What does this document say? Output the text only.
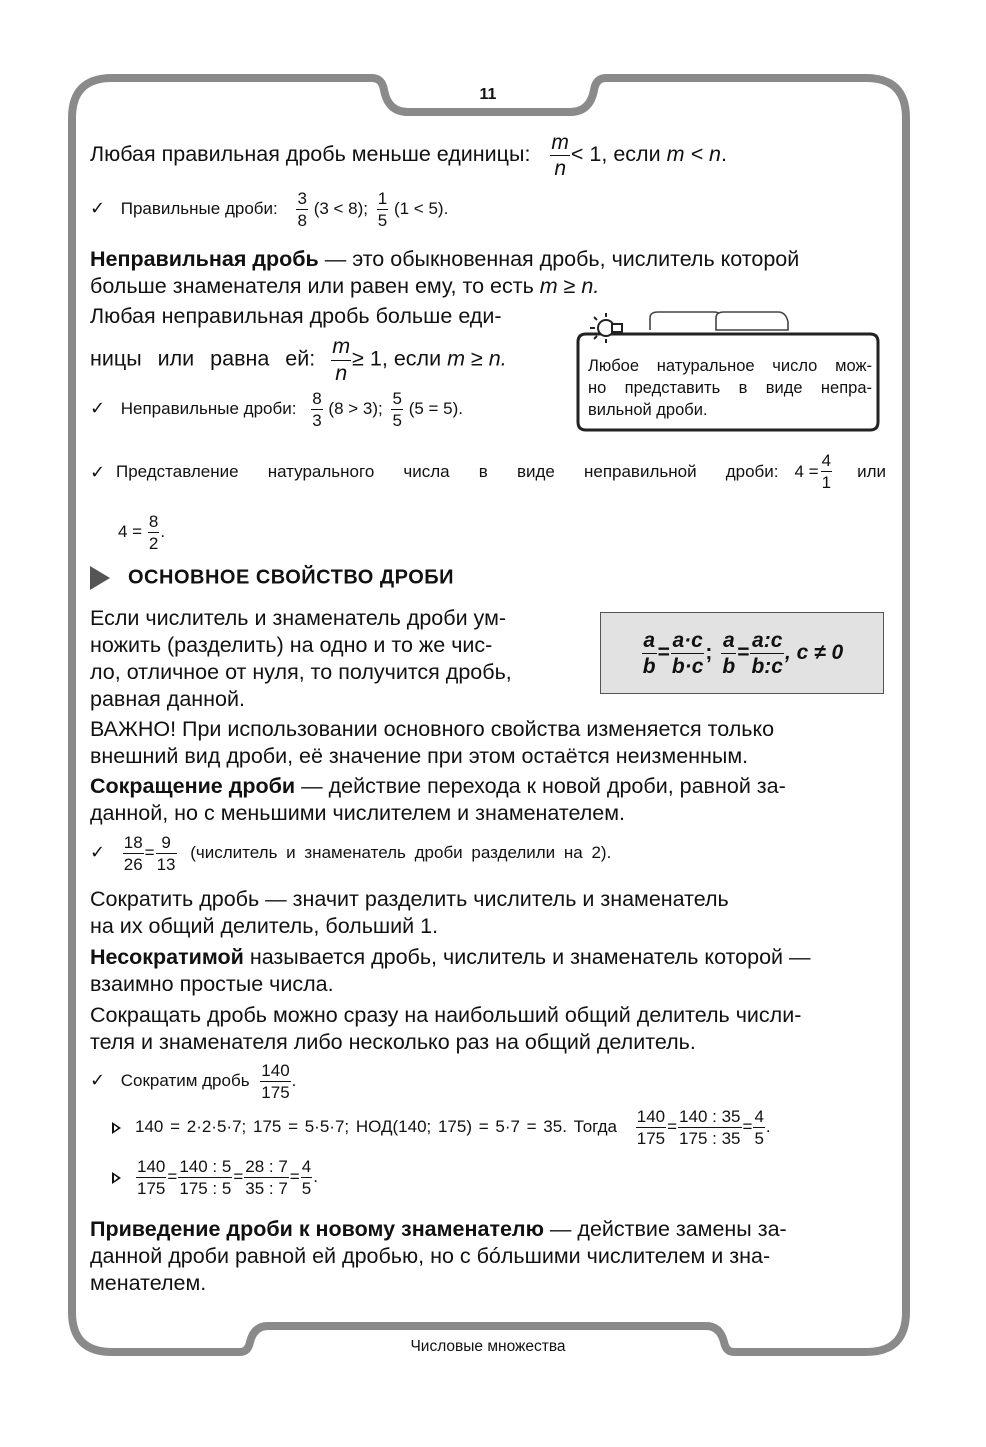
11
Любая правильная дробь меньше единицы: $\frac{m}{n} < 1$, если m < n.
✓ Правильные дроби: $\frac{3}{8} (3 < 8)$; $\frac{1}{5} (1 < 5)$.
Неправильная дробь — это обыкновенная дробь, числитель которой
больше знаменателя или равен ему, то есть m ≥ n.
Любая неправильная дробь больше еди-
ницы или равна ей: $\frac{m}{n} \ge 1$, если m ≥ n.
✓ Неправильные дроби: $\frac{8}{3} (8 > 3)$; $\frac{5}{5} (5 = 5)$.
Любое натуральное число мож-
но представить в виде непра-
вильной дроби.
✓ Представление натурального числа в виде неправильной дроби: $4 = \frac{4}{1}$ или
$4 = \frac{8}{2}$ .
ОСНОВНОЕ СВОЙСТВО ДРОБИ
Если числитель и знаменатель дроби ум-
ножить (разделить) на одно и то же чис-
ло, отличное от нуля, то получится дробь,
равная данной.
$\frac{a}{b} = \frac{a\cdot c}{b\cdot c}$ ; $\frac{a}{b} = \frac{a:c}{b:c}$ , c ≠ 0
ВАЖНО! При использовании основного свойства изменяется только
внешний вид дроби, её значение при этом остаётся неизменным.
Сокращение дроби — действие перехода к новой дроби, равной за-
данной, но с меньшими числителем и знаменателем.
✓ $\frac{18}{26} = \frac{9}{13}$ (числитель и знаменатель дроби разделили на 2).
Сократить дробь — значит разделить числитель и знаменатель
на их общий делитель, больший 1.
Несократимой называется дробь, числитель и знаменатель которой —
взаимно простые числа.
Сокращать дробь можно сразу на наибольший общий делитель числи-
теля и знаменателя либо несколько раз на общий делитель.
✓ Сократим дробь $\frac{140}{175}$ .
140 = 2·2·5·7; 175 = 5·5·7; НОД(140; 175) = 5·7 = 35. Тогда $\frac{140}{175} = \frac{140 : 35}{175 : 35} = \frac{4}{5}$ .
$\frac{140}{175} = \frac{140 : 5}{175 : 5} = \frac{28 : 7}{35 : 7} = \frac{4}{5}$ .
Приведение дроби к новому знаменателю — действие замены за-
данной дроби равной ей дробью, но с бóльшими числителем и зна-
менателем.
Числовые множества
